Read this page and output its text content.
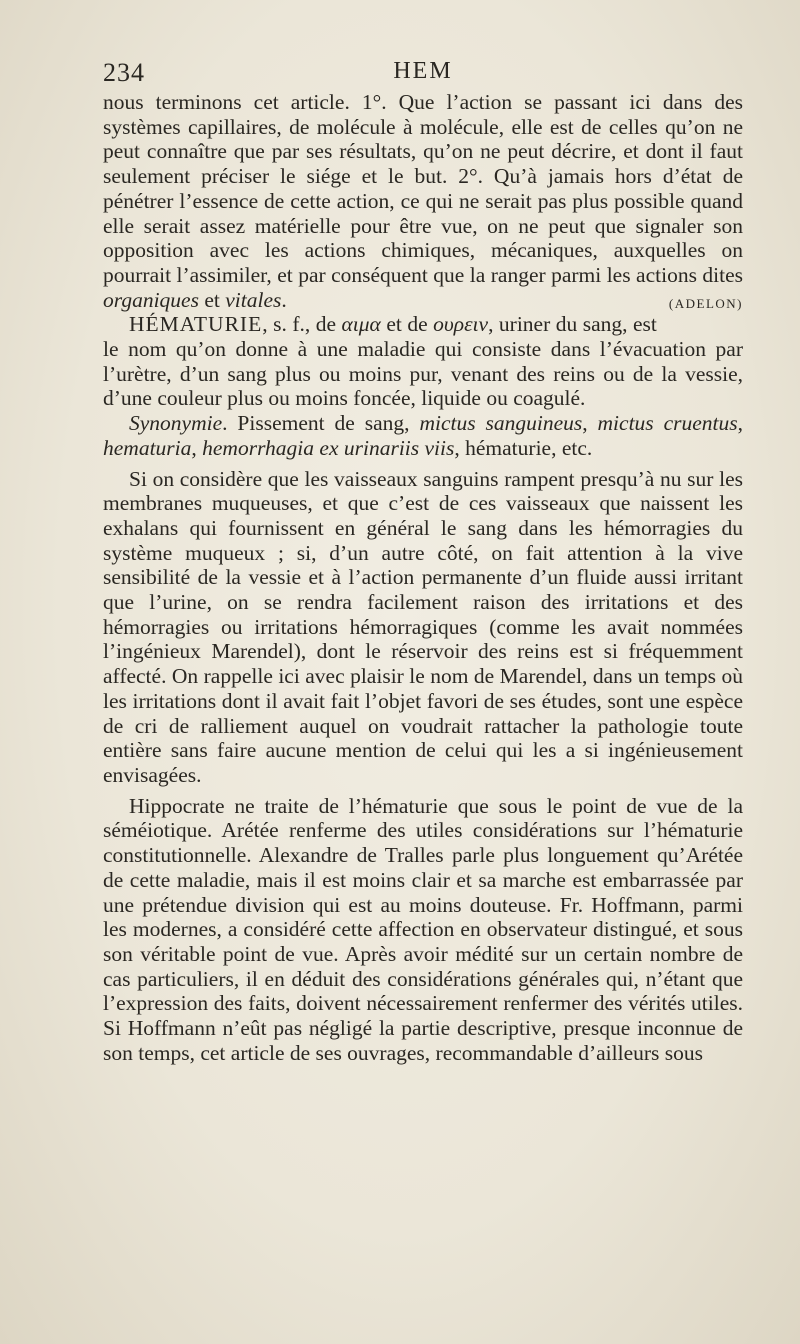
234	HEM

nous terminons cet article. 1°. Que l’action se passant ici dans des systèmes capillaires, de molécule à molécule, elle est de celles qu’on ne peut connaître que par ses résultats, qu’on ne peut décrire, et dont il faut seulement préciser le siége et le but. 2°. Qu’à jamais hors d’état de pénétrer l’essence de cette action, ce qui ne serait pas plus possible quand elle serait assez matérielle pour être vue, on ne peut que signaler son opposition avec les actions chimiques, mécaniques, auxquelles on pourrait l’assimiler, et par conséquent que la ranger parmi les actions dites organiques et vitales.	(ADELON)

HÉMATURIE, s. f., de αιμα et de ουρειν, uriner du sang, est le nom qu’on donne à une maladie qui consiste dans l’évacuation par l’urètre, d’un sang plus ou moins pur, venant des reins ou de la vessie, d’une couleur plus ou moins foncée, liquide ou coagulé.

Synonymie. Pissement de sang, mictus sanguineus, mictus cruentus, hematuria, hemorrhagia ex urinariis viis, hématurie, etc.

Si on considère que les vaisseaux sanguins rampent presqu’à nu sur les membranes muqueuses, et que c’est de ces vaisseaux que naissent les exhalans qui fournissent en général le sang dans les hémorragies du système muqueux ; si, d’un autre côté, on fait attention à la vive sensibilité de la vessie et à l’action permanente d’un fluide aussi irritant que l’urine, on se rendra facilement raison des irritations et des hémorragies ou irritations hémorragiques (comme les avait nommées l’ingénieux Marendel), dont le réservoir des reins est si fréquemment affecté. On rappelle ici avec plaisir le nom de Marendel, dans un temps où les irritations dont il avait fait l’objet favori de ses études, sont une espèce de cri de ralliement auquel on voudrait rattacher la pathologie toute entière sans faire aucune mention de celui qui les a si ingénieusement envisagées.

Hippocrate ne traite de l’hématurie que sous le point de vue de la séméiotique. Arétée renferme des utiles considérations sur l’hématurie constitutionnelle. Alexandre de Tralles parle plus longuement qu’Arétée de cette maladie, mais il est moins clair et sa marche est embarrassée par une prétendue division qui est au moins douteuse. Fr. Hoffmann, parmi les modernes, a considéré cette affection en observateur distingué, et sous son véritable point de vue. Après avoir médité sur un certain nombre de cas particuliers, il en déduit des considérations générales qui, n’étant que l’expression des faits, doivent nécessairement renfermer des vérités utiles. Si Hoffmann n’eût pas négligé la partie descriptive, presque inconnue de son temps, cet article de ses ouvrages, recommandable d’ailleurs sous
